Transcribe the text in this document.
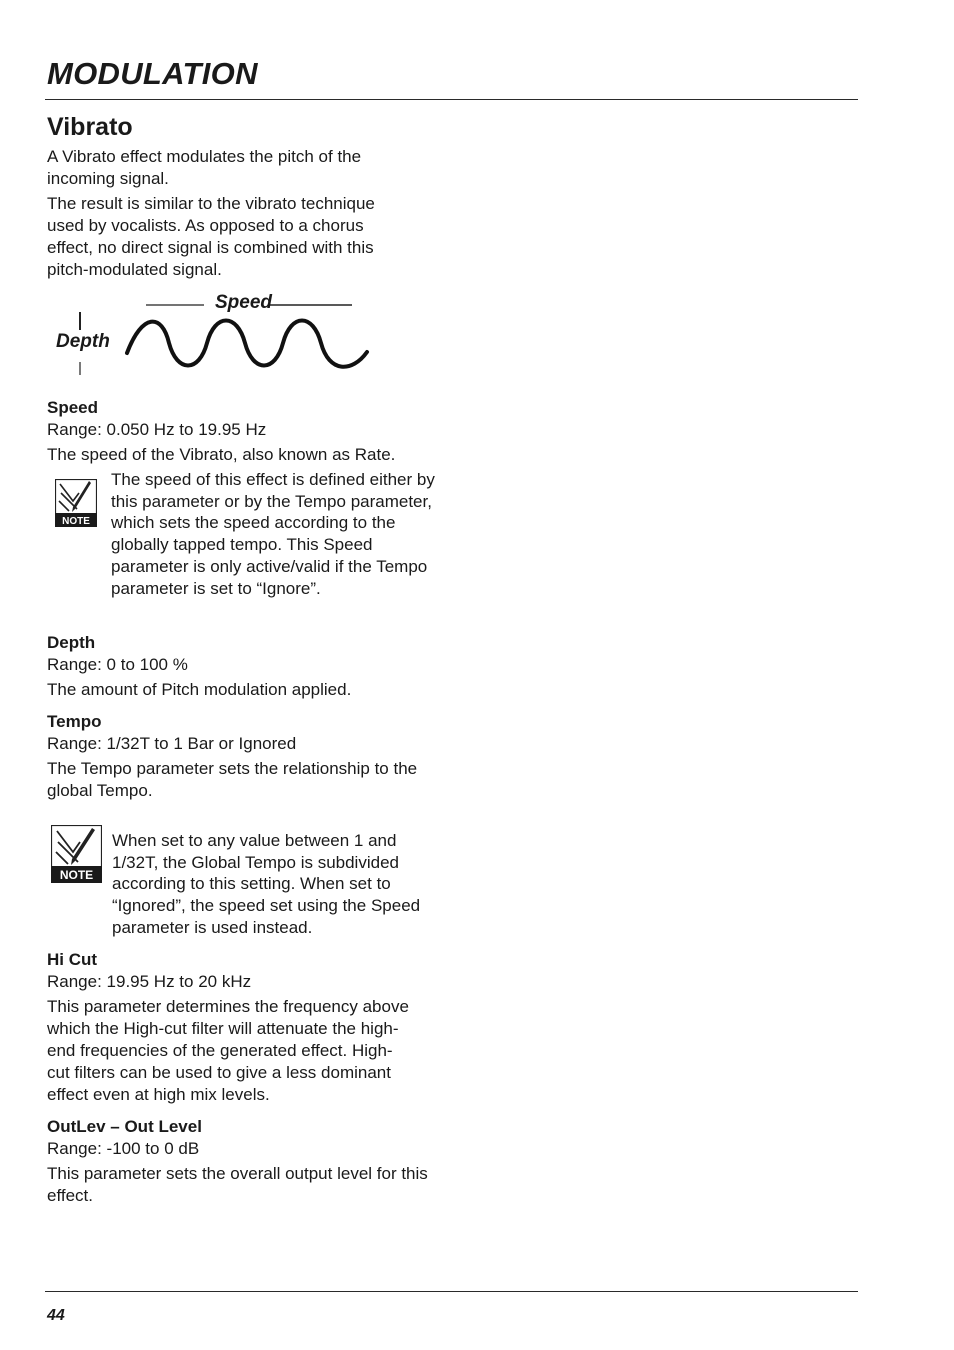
MODULATION
Vibrato

A Vibrato effect modulates the pitch of the incoming signal.

The result is similar to the vibrato technique used by vocalists. As opposed to a chorus effect, no direct signal is combined with this pitch-modulated signal.

Speed
Depth
Speed

Range: 0.050 Hz to 19.95 Hz

The speed of the Vibrato, also known as Rate.

NOTE

The speed of this effect is defined either by this parameter or by the Tempo parameter, which sets the speed according to the globally tapped tempo. This Speed parameter is only active/valid if the Tempo parameter is set to “Ignore”.

Depth

Range: 0 to 100 %

The amount of Pitch modulation applied.

Tempo

Range: 1/32T to 1 Bar or Ignored

The Tempo parameter sets the relationship to the global Tempo.

NOTE

When set to any value between 1 and 1/32T, the Global Tempo is subdivided according to this setting. When set to “Ignored”, the speed set using the Speed parameter is used instead.

Hi Cut

Range: 19.95 Hz to 20 kHz

This parameter determines the frequency above which the High-cut filter will attenuate the high-end frequencies of the generated effect. High-cut filters can be used to give a less dominant effect even at high mix levels.

OutLev – Out Level

Range: -100 to 0 dB

This parameter sets the overall output level for this effect.

44
